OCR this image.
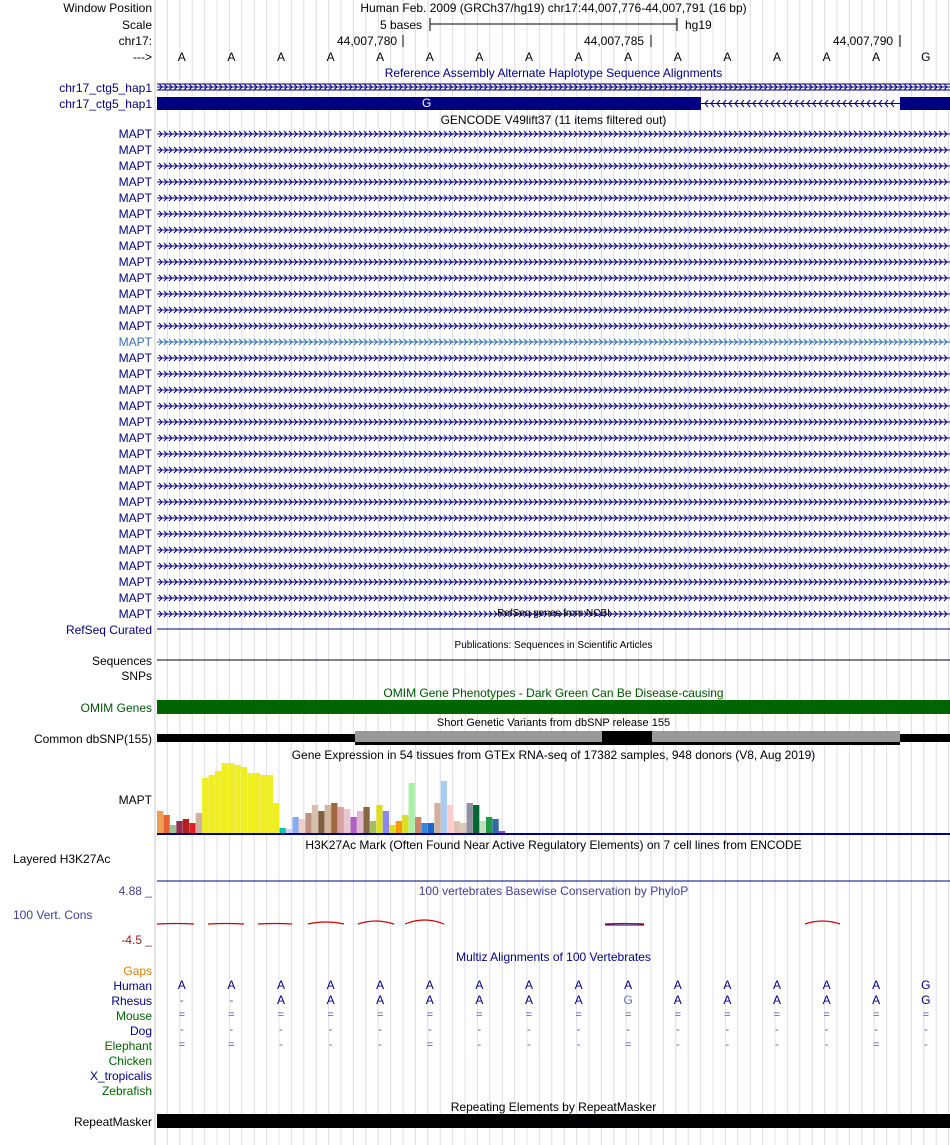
Window Position	Human Feb. 2009 (GRCh37/hg19) chr17:44,007,776-44,007,791 (16 bp)
Scale	5 bases	hg19
chr17:	44,007,780	44,007,785	44,007,790
--->	A	A	A	A	A	A	A	A	A	A	A	A	A	A	A	G
Reference Assembly Alternate Haplotype Sequence Alignments
chr17_ctg5_hap1
chr17_ctg5_hap1	G
GENCODE V49lift37 (11 items filtered out)
MAPT
MAPT
MAPT
MAPT
MAPT
MAPT
MAPT
MAPT
MAPT
MAPT
MAPT
MAPT
MAPT
MAPT
MAPT
MAPT
MAPT
MAPT
MAPT
MAPT
MAPT
MAPT
MAPT
MAPT
MAPT
MAPT
MAPT
MAPT
MAPT
MAPT
MAPT	RefSeq genes from NCBI
RefSeq Curated
Publications: Sequences in Scientific Articles
Sequences
SNPs
OMIM Gene Phenotypes - Dark Green Can Be Disease-causing
OMIM Genes
Short Genetic Variants from dbSNP release 155
Common dbSNP(155)
Gene Expression in 54 tissues from GTEx RNA-seq of 17382 samples, 948 donors (V8, Aug 2019)
MAPT
H3K27Ac Mark (Often Found Near Active Regulatory Elements) on 7 cell lines from ENCODE
Layered H3K27Ac
100 vertebrates Basewise Conservation by PhyloP
4.88 _
100 Vert. Cons
-4.5 _
Multiz Alignments of 100 Vertebrates
Gaps
Human	A	A	A	A	A	A	A	A	A	A	A	A	A	A	A	G
Rhesus	-	-	A	A	A	A	A	A	A	G	A	A	A	A	A	G
Mouse	=	=	=	=	=	=	=	=	=	=	=	=	=	=	=	=
Dog	-	-	-	-	-	-	-	-	-	-	-	-	-	-	-	-
Elephant	=	=	-	-	-	=	-	-	-	=	-	-	-	-	=	-
Chicken
X_tropicalis
Zebrafish
Repeating Elements by RepeatMasker
RepeatMasker
